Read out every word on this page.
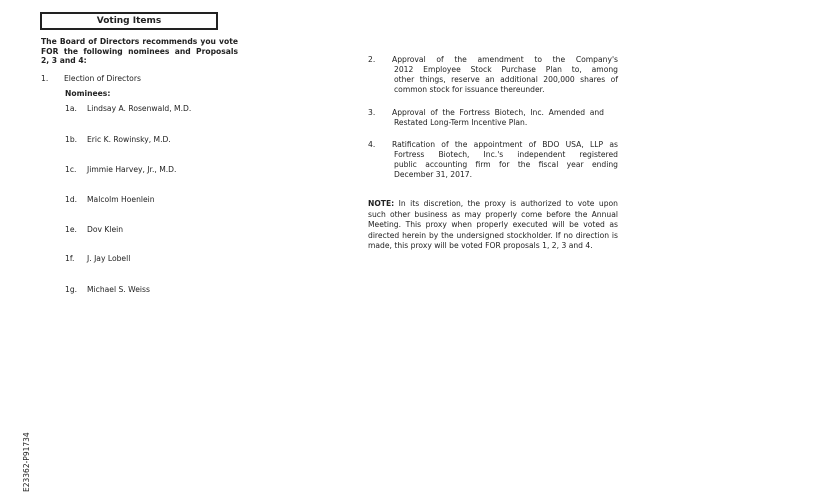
Voting Items
The Board of Directors recommends you vote
FOR the following nominees and Proposals
2, 3 and 4:
1. Election of Directors
Nominees:
1a. Lindsay A. Rosenwald, M.D.
1b. Eric K. Rowinsky, M.D.
1c. Jimmie Harvey, Jr., M.D.
1d. Malcolm Hoenlein
1e. Dov Klein
1f. J. Jay Lobell
1g. Michael S. Weiss
2. Approval of the amendment to the Company's
2012 Employee Stock Purchase Plan to, among
other things, reserve an additional 200,000 shares of
common stock for issuance thereunder.
3. Approval of the Fortress Biotech, Inc. Amended and
Restated Long-Term Incentive Plan.
4. Ratification of the appointment of BDO USA, LLP as
Fortress Biotech, Inc.'s independent registered
public accounting firm for the fiscal year ending
December 31, 2017.
NOTE: In its discretion, the proxy is authorized to vote upon
such other business as may properly come before the Annual
Meeting. This proxy when properly executed will be voted as
directed herein by the undersigned stockholder. If no direction is
made, this proxy will be voted FOR proposals 1, 2, 3 and 4.
E23362-P91734
